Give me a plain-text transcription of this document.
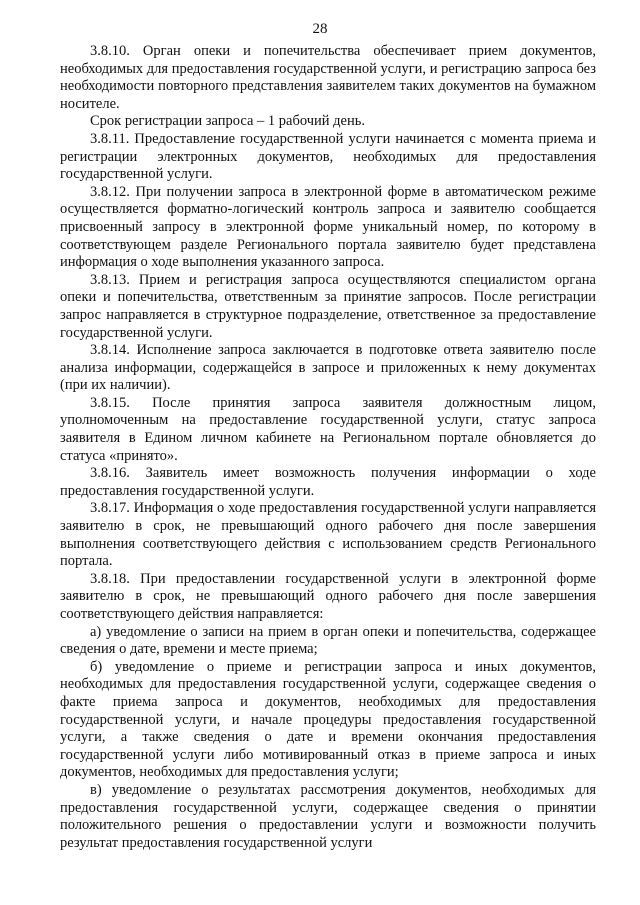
28

3.8.10. Орган опеки и попечительства обеспечивает прием документов, необходимых для предоставления государственной услуги, и регистрацию запроса без необходимости повторного представления заявителем таких документов на бумажном носителе.

Срок регистрации запроса – 1 рабочий день.

3.8.11. Предоставление государственной услуги начинается с момента приема и регистрации электронных документов, необходимых для предоставления государственной услуги.

3.8.12. При получении запроса в электронной форме в автоматическом режиме осуществляется форматно-логический контроль запроса и заявителю сообщается присвоенный запросу в электронной форме уникальный номер, по которому в соответствующем разделе Регионального портала заявителю будет представлена информация о ходе выполнения указанного запроса.

3.8.13. Прием и регистрация запроса осуществляются специалистом органа опеки и попечительства, ответственным за принятие запросов. После регистрации запрос направляется в структурное подразделение, ответственное за предоставление государственной услуги.

3.8.14. Исполнение запроса заключается в подготовке ответа заявителю после анализа информации, содержащейся в запросе и приложенных к нему документах (при их наличии).

3.8.15. После принятия запроса заявителя должностным лицом, уполномоченным на предоставление государственной услуги, статус запроса заявителя в Едином личном кабинете на Региональном портале обновляется до статуса «принято».

3.8.16. Заявитель имеет возможность получения информации о ходе предоставления государственной услуги.

3.8.17. Информация о ходе предоставления государственной услуги направляется заявителю в срок, не превышающий одного рабочего дня после завершения выполнения соответствующего действия с использованием средств Регионального портала.

3.8.18. При предоставлении государственной услуги в электронной форме заявителю в срок, не превышающий одного рабочего дня после завершения соответствующего действия направляется:

а) уведомление о записи на прием в орган опеки и попечительства, содержащее сведения о дате, времени и месте приема;

б) уведомление о приеме и регистрации запроса и иных документов, необходимых для предоставления государственной услуги, содержащее сведения о факте приема запроса и документов, необходимых для предоставления государственной услуги, и начале процедуры предоставления государственной услуги, а также сведения о дате и времени окончания предоставления государственной услуги либо мотивированный отказ в приеме запроса и иных документов, необходимых для предоставления услуги;

в) уведомление о результатах рассмотрения документов, необходимых для предоставления государственной услуги, содержащее сведения о принятии положительного решения о предоставлении услуги и возможности получить результат предоставления государственной услуги
